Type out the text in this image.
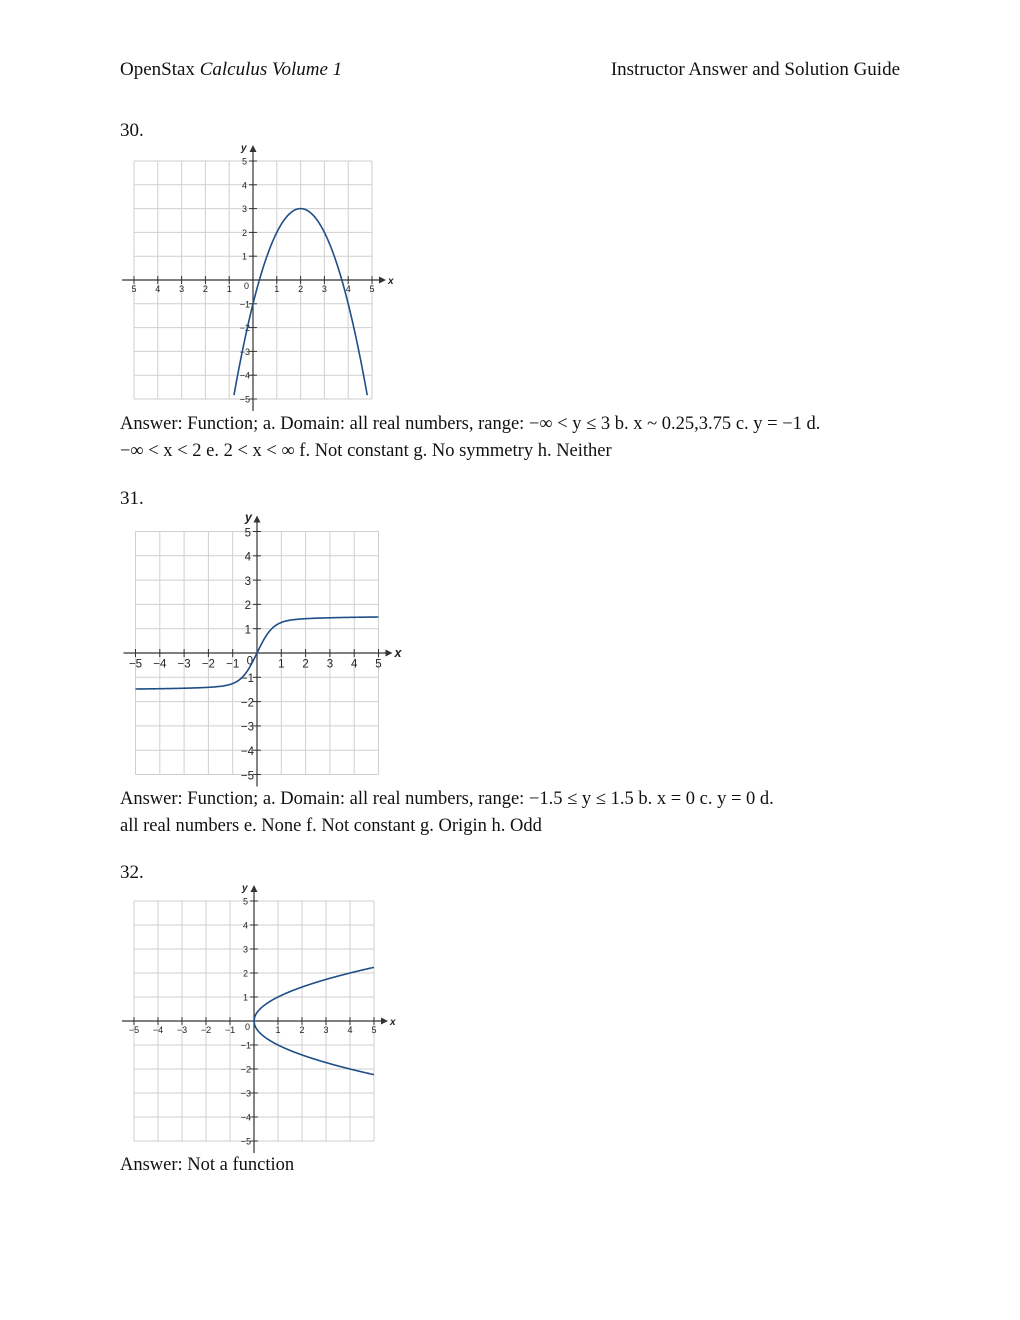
OpenStax Calculus Volume 1	Instructor Answer and Solution Guide
30.
5 4 3 2 1	1 2 3 4 5
1
2
3
4
5
−1
−2
−3
−4
−5
0	x
y
Answer: Function; a. Domain: all real numbers, range: −∞ < y ≤ 3 b. x ~ 0.25,3.75 c. y = −1 d.
−∞ < x < 2 e. 2 < x < ∞ f. Not constant g. No symmetry h. Neither
31.
−5 −4 −3 −2 −1	1 2 3 4 5
1
2
3
4
5
−1
−2
−3
−4
−5
0
x
y
Answer: Function; a. Domain: all real numbers, range: −1.5 ≤ y ≤ 1.5 b. x = 0 c. y = 0 d.
all real numbers e. None f. Not constant g. Origin h. Odd
32.
−5 −4 −3 −2 −1	1 2 3 4 5
1
2
3
4
5
−1
−2
−3
−4
−5
0	x
y
Answer: Not a function
